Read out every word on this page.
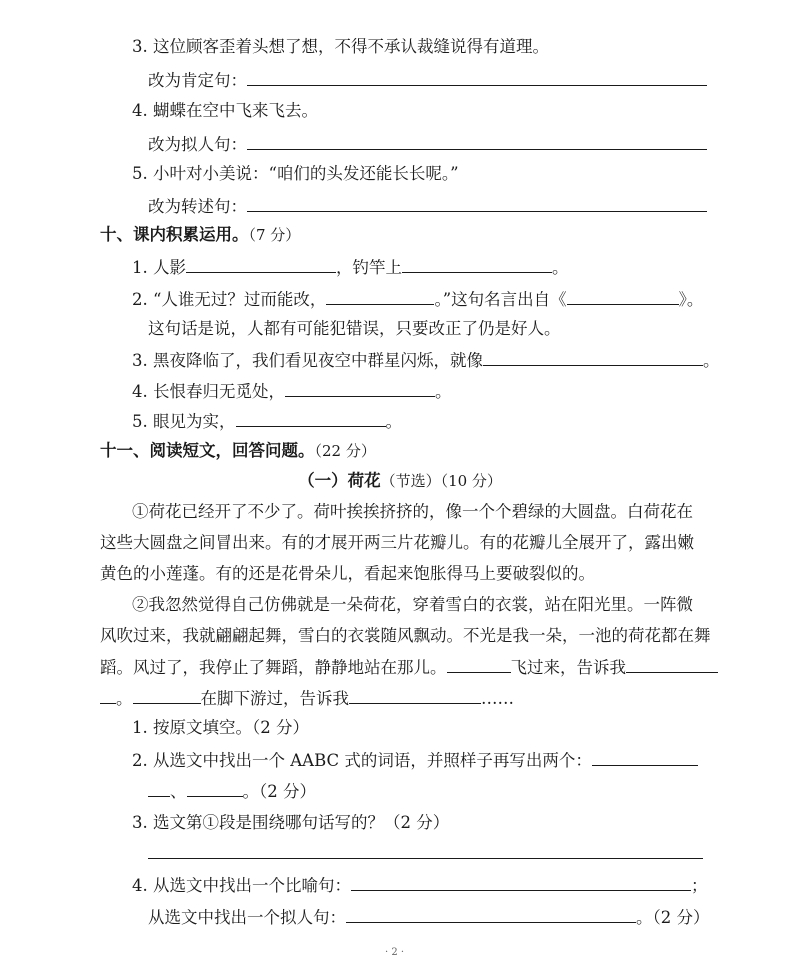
3. 这位顾客歪着头想了想，不得不承认裁缝说得有道理。
改为肯定句：
4. 蝴蝶在空中飞来飞去。
改为拟人句：
5. 小叶对小美说：“咱们的头发还能长长呢。”
改为转述句：
十、课内积累运用。（7 分）
1. 人影	，钓竿上	。
2. “人谁无过？过而能改，	。”这句名言出自《	》。
这句话是说，人都有可能犯错误，只要改正了仍是好人。
3. 黑夜降临了，我们看见夜空中群星闪烁，就像	。
4. 长恨春归无觅处，	。
5. 眼见为实，	。
十一、阅读短文，回答问题。（22 分）
（一）荷花（节选）（10 分）
①荷花已经开了不少了。荷叶挨挨挤挤的，像一个个碧绿的大圆盘。白荷花在
这些大圆盘之间冒出来。有的才展开两三片花瓣儿。有的花瓣儿全展开了，露出嫩
黄色的小莲蓬。有的还是花骨朵儿，看起来饱胀得马上要破裂似的。
②我忽然觉得自己仿佛就是一朵荷花，穿着雪白的衣裳，站在阳光里。一阵微
风吹过来，我就翩翩起舞，雪白的衣裳随风飘动。不光是我一朵，一池的荷花都在舞
蹈。风过了，我停止了舞蹈，静静地站在那儿。	飞过来，告诉我
。	在脚下游过，告诉我	……
1. 按原文填空。（2 分）
2. 从选文中找出一个 AABC 式的词语，并照样子再写出两个：
、	。（2 分）
3. 选文第①段是围绕哪句话写的？（2 分）
4. 从选文中找出一个比喻句：	；
从选文中找出一个拟人句：	。（2 分）
· 2 ·
